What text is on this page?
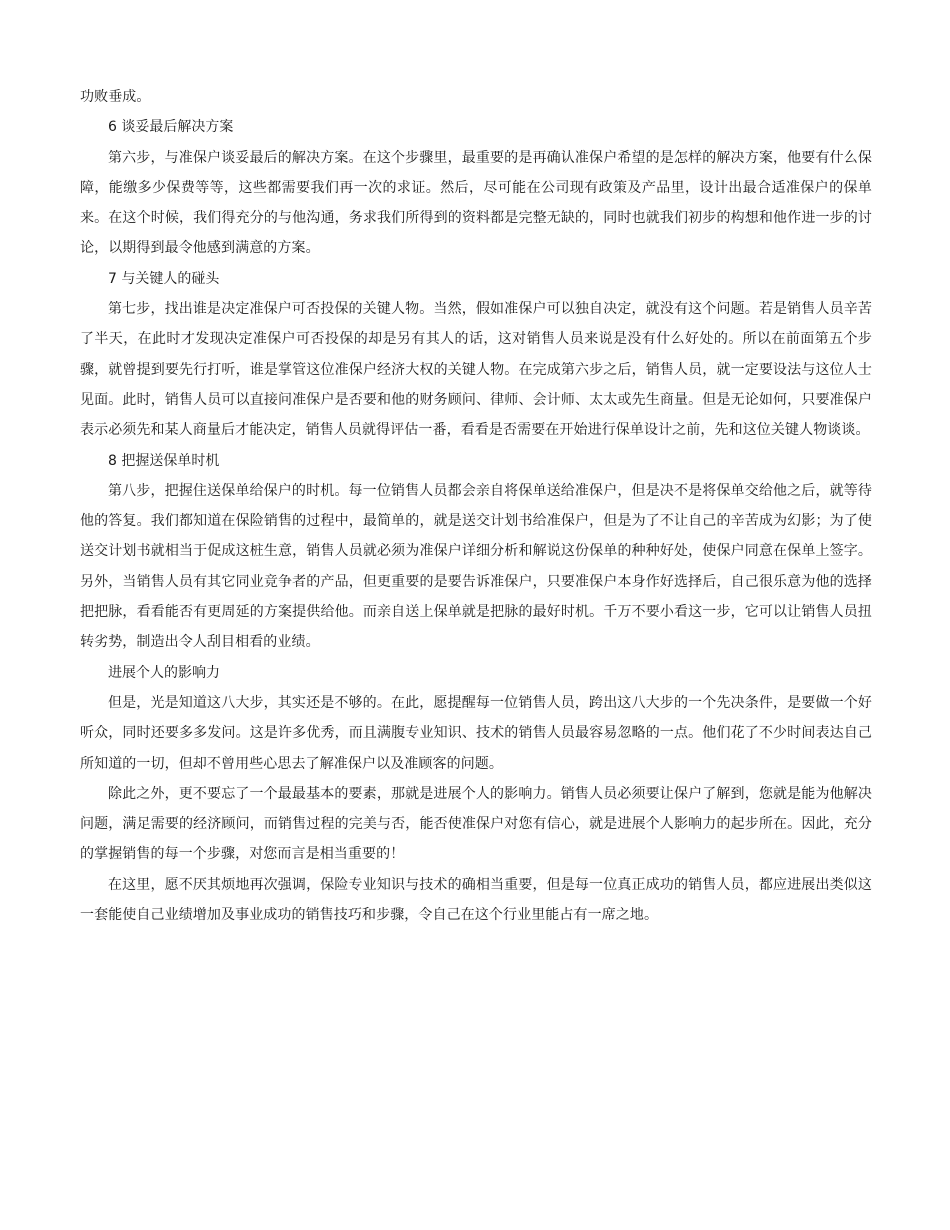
功败垂成。

6 谈妥最后解决方案

第六步，与准保户谈妥最后的解决方案。在这个步骤里，最重要的是再确认准保户希望的是怎样的解决方案，他要有什么保障，能缴多少保费等等，这些都需要我们再一次的求证。然后，尽可能在公司现有政策及产品里，设计出最合适准保户的保单来。在这个时候，我们得充分的与他沟通，务求我们所得到的资料都是完整无缺的，同时也就我们初步的构想和他作进一步的讨论，以期得到最令他感到满意的方案。

7 与关键人的碰头

第七步，找出谁是决定准保户可否投保的关键人物。当然，假如准保户可以独自决定，就没有这个问题。若是销售人员辛苦了半天，在此时才发现决定准保户可否投保的却是另有其人的话，这对销售人员来说是没有什么好处的。所以在前面第五个步骤，就曾提到要先行打听，谁是掌管这位准保户经济大权的关键人物。在完成第六步之后，销售人员，就一定要设法与这位人士见面。此时，销售人员可以直接问准保户是否要和他的财务顾问、律师、会计师、太太或先生商量。但是无论如何，只要准保户表示必须先和某人商量后才能决定，销售人员就得评估一番，看看是否需要在开始进行保单设计之前，先和这位关键人物谈谈。

8 把握送保单时机

第八步，把握住送保单给保户的时机。每一位销售人员都会亲自将保单送给准保户，但是决不是将保单交给他之后，就等待他的答复。我们都知道在保险销售的过程中，最简单的，就是送交计划书给准保户，但是为了不让自己的辛苦成为幻影；为了使送交计划书就相当于促成这桩生意，销售人员就必须为准保户详细分析和解说这份保单的种种好处，使保户同意在保单上签字。另外，当销售人员有其它同业竞争者的产品，但更重要的是要告诉准保户，只要准保户本身作好选择后，自己很乐意为他的选择把把脉，看看能否有更周延的方案提供给他。而亲自送上保单就是把脉的最好时机。千万不要小看这一步，它可以让销售人员扭转劣势，制造出令人刮目相看的业绩。

进展个人的影响力

但是，光是知道这八大步，其实还是不够的。在此，愿提醒每一位销售人员，跨出这八大步的一个先决条件，是要做一个好听众，同时还要多多发问。这是许多优秀，而且满腹专业知识、技术的销售人员最容易忽略的一点。他们花了不少时间表达自己所知道的一切，但却不曾用些心思去了解准保户以及准顾客的问题。

除此之外，更不要忘了一个最最基本的要素，那就是进展个人的影响力。销售人员必须要让保户了解到，您就是能为他解决问题，满足需要的经济顾问，而销售过程的完美与否，能否使准保户对您有信心，就是进展个人影响力的起步所在。因此，充分的掌握销售的每一个步骤，对您而言是相当重要的！

在这里，愿不厌其烦地再次强调，保险专业知识与技术的确相当重要，但是每一位真正成功的销售人员，都应进展出类似这一套能使自己业绩增加及事业成功的销售技巧和步骤，令自己在这个行业里能占有一席之地。
